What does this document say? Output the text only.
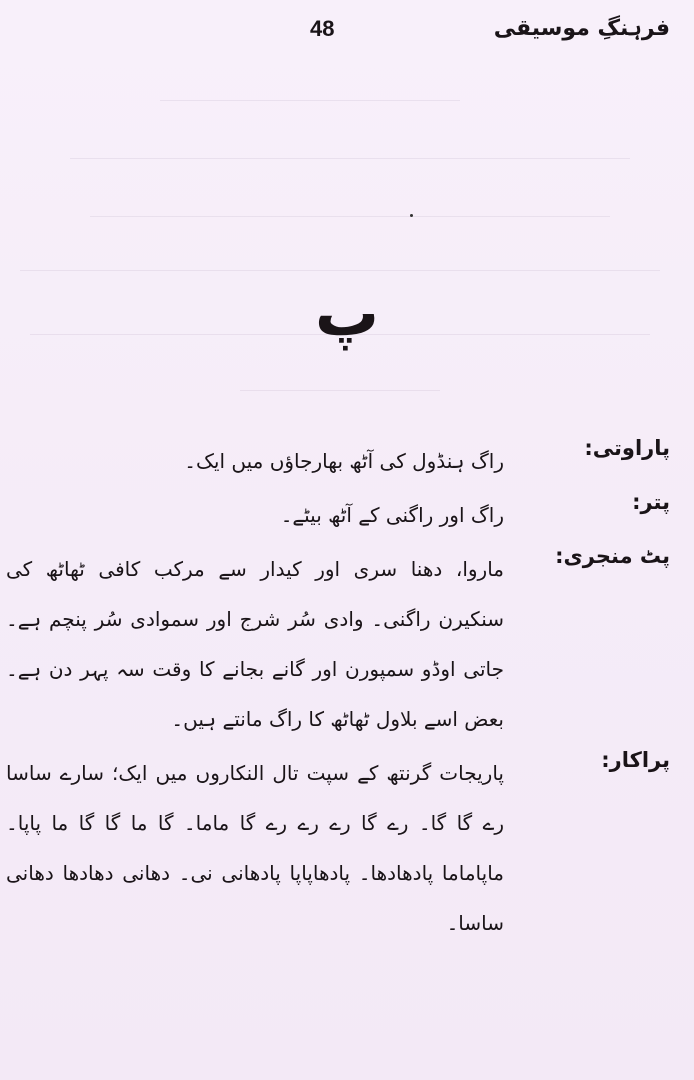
فرہنگِ موسیقی
48
پ
پاراوتی:
راگ ہنڈول کی آٹھ بھارجاؤں میں ایک۔
پتر:
راگ اور راگنی کے آٹھ بیٹے۔
پٹ منجری:
ماروا، دھنا سری اور کیدار سے مرکب کافی ٹھاٹھ کی سنکیرن راگنی۔ وادی سُر شرج اور سموادی سُر پنچم ہے۔ جاتی اوڈو سمپورن اور گانے بجانے کا وقت سہ پہر دن ہے۔ بعض اسے بلاول ٹھاٹھ کا راگ مانتے ہیں۔
پراکار:
پاریجات گرنتھ کے سپت تال النکاروں میں ایک؛ سارے ساسا رے گا گا۔ رے گا رے رے رے گا ماما۔ گا ما گا گا ما پاپا۔ ماپاماما پادھادھا۔ پادھاپاپا پادھانی نی۔ دھانی دھادھا دھانی ساسا۔
